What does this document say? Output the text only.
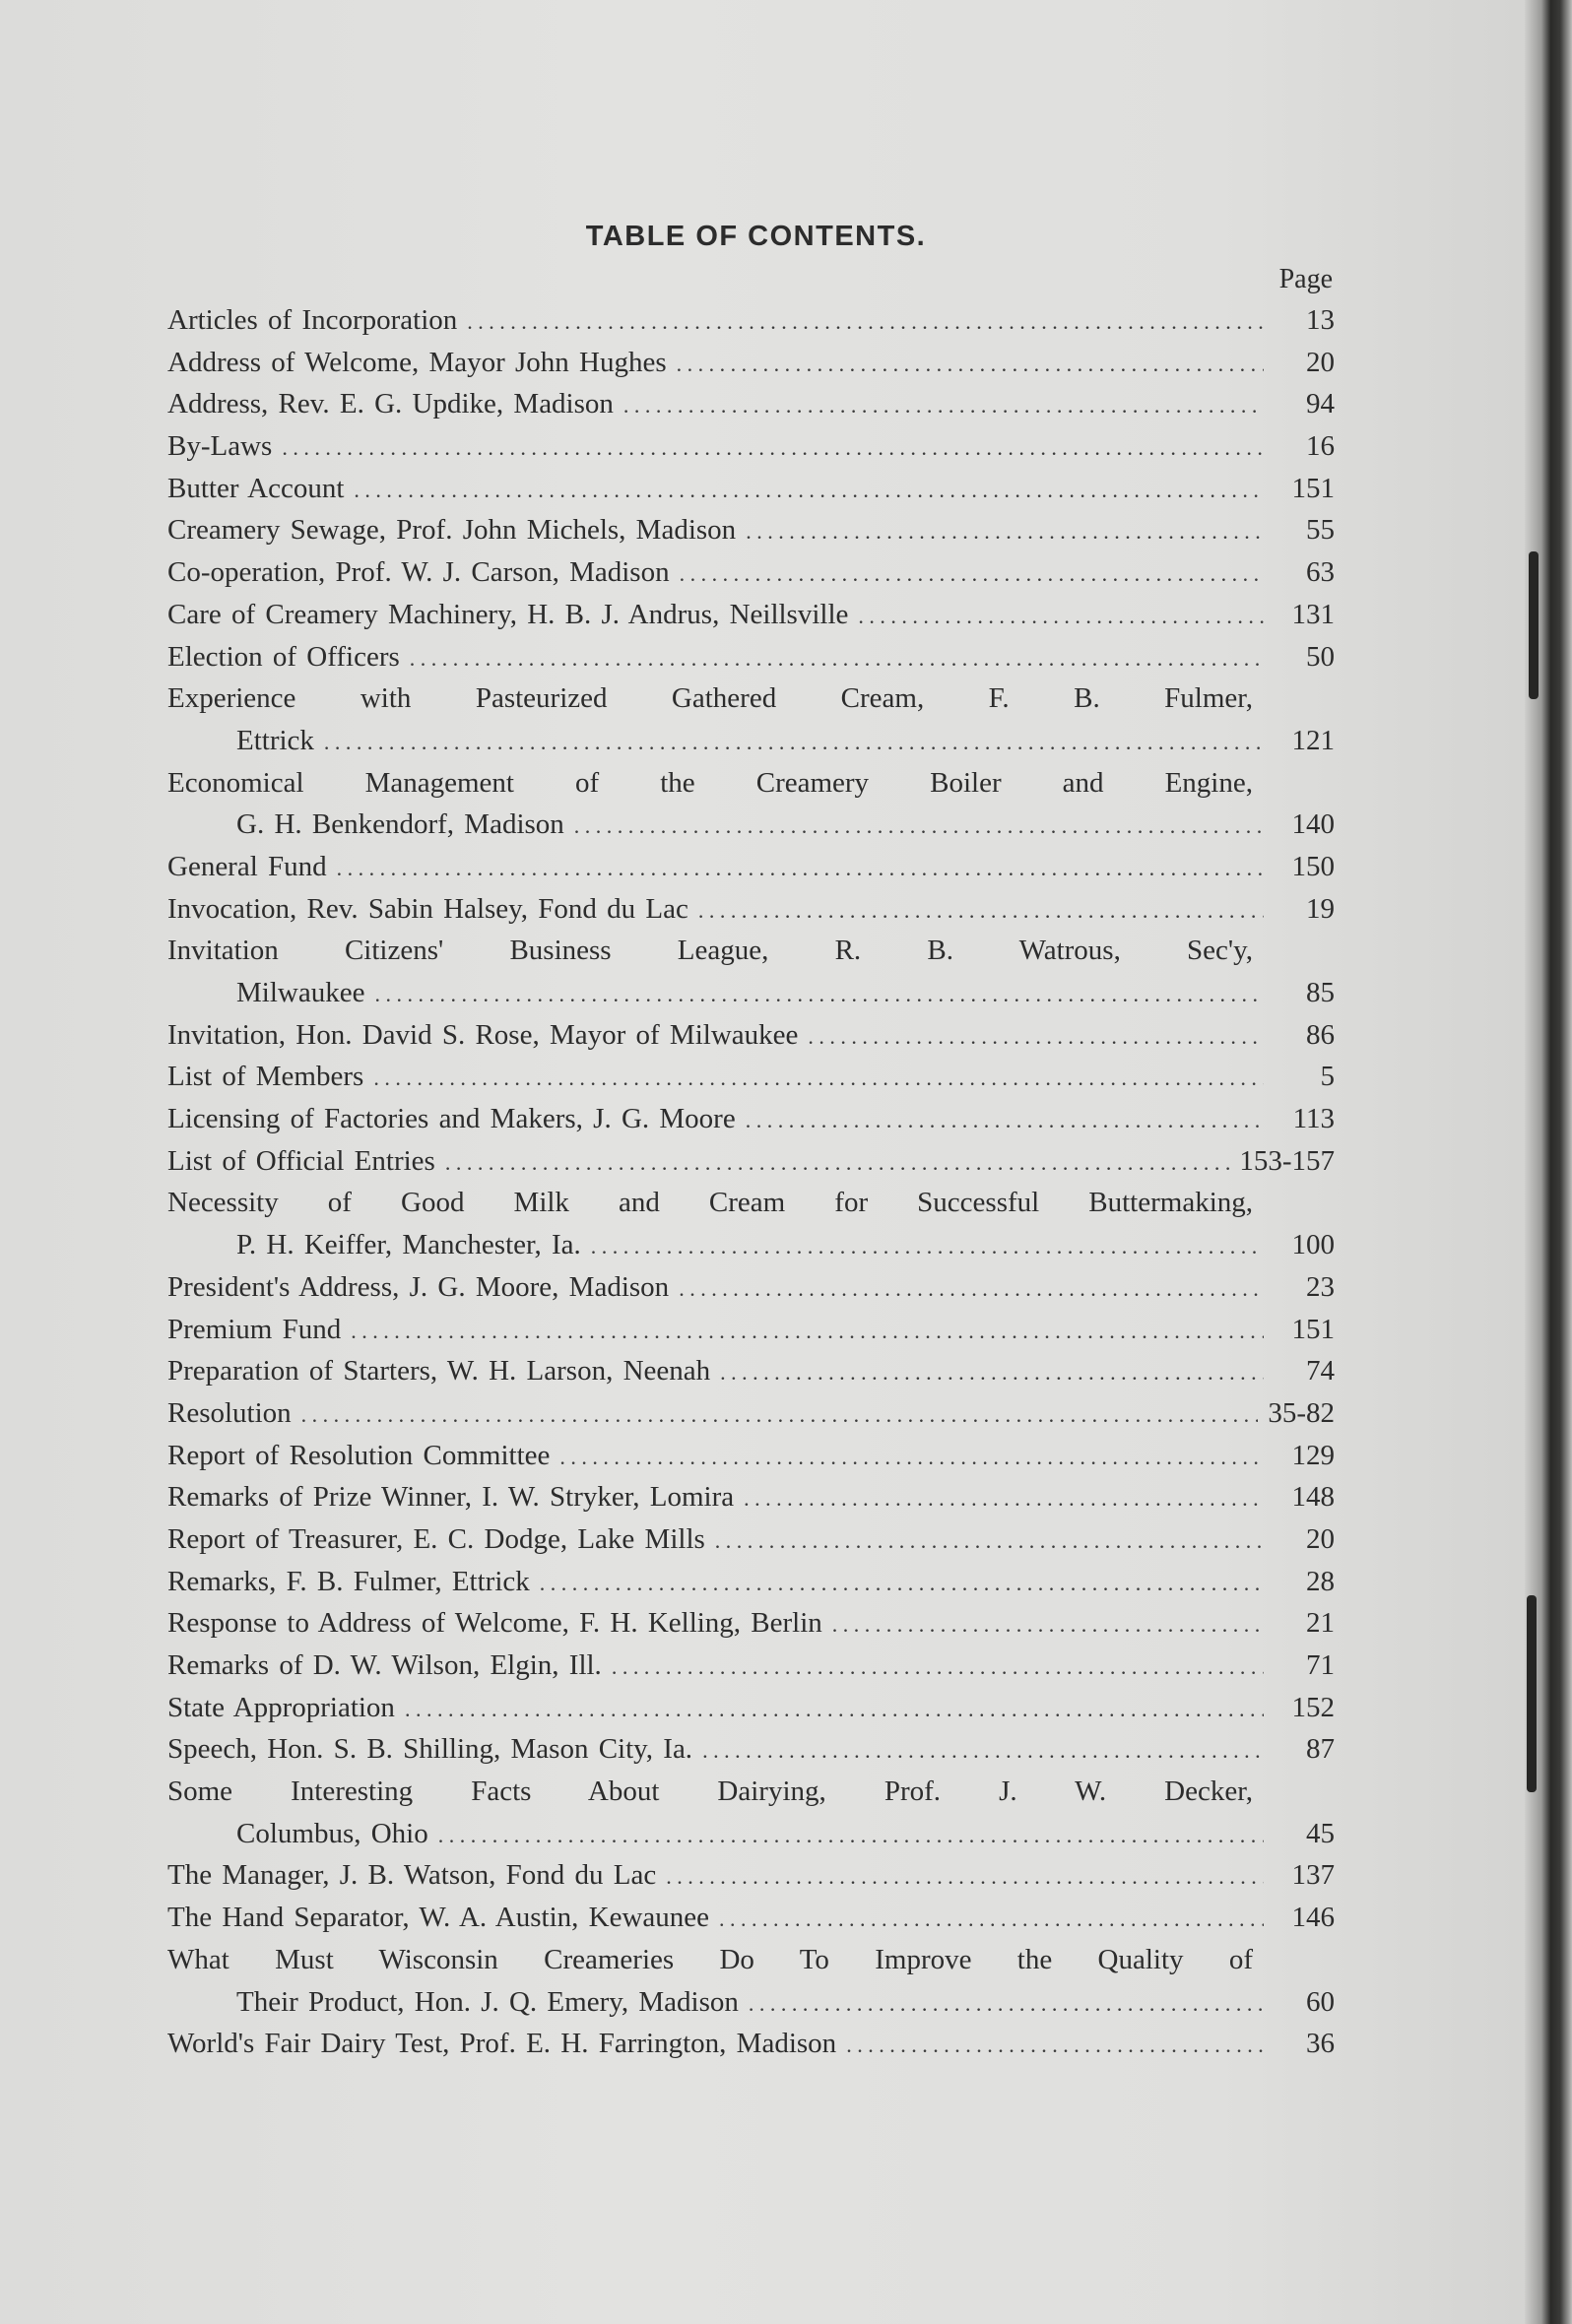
TABLE OF CONTENTS.
Page
Articles of Incorporation . . .	13
Address of Welcome, Mayor John Hughes . . .	20
Address, Rev. E. G. Updike, Madison . . .	94
By-Laws . . .	16
Butter Account . . .	151
Creamery Sewage, Prof. John Michels, Madison . . .	55
Co-operation, Prof. W. J. Carson, Madison . . .	63
Care of Creamery Machinery, H. B. J. Andrus, Neillsville . . .	131
Election of Officers . . .	50
Experience with Pasteurized Gathered Cream, F. B. Fulmer,
Ettrick . . .	121
Economical Management of the Creamery Boiler and Engine,
G. H. Benkendorf, Madison . . .	140
General Fund . . .	150
Invocation, Rev. Sabin Halsey, Fond du Lac . . .	19
Invitation Citizens' Business League, R. B. Watrous, Sec'y,
Milwaukee . . .	85
Invitation, Hon. David S. Rose, Mayor of Milwaukee . . .	86
List of Members . . .	5
Licensing of Factories and Makers, J. G. Moore . . .	113
List of Official Entries . . .	153-157
Necessity of Good Milk and Cream for Successful Buttermaking,
P. H. Keiffer, Manchester, Ia. . . .	100
President's Address, J. G. Moore, Madison . . .	23
Premium Fund . . .	151
Preparation of Starters, W. H. Larson, Neenah . . .	74
Resolution . . .	35-82
Report of Resolution Committee . . .	129
Remarks of Prize Winner, I. W. Stryker, Lomira . . .	148
Report of Treasurer, E. C. Dodge, Lake Mills . . .	20
Remarks, F. B. Fulmer, Ettrick . . .	28
Response to Address of Welcome, F. H. Kelling, Berlin . . .	21
Remarks of D. W. Wilson, Elgin, Ill. . . .	71
State Appropriation . . .	152
Speech, Hon. S. B. Shilling, Mason City, Ia. . . .	87
Some Interesting Facts About Dairying, Prof. J. W. Decker,
Columbus, Ohio . . .	45
The Manager, J. B. Watson, Fond du Lac . . .	137
The Hand Separator, W. A. Austin, Kewaunee . . .	146
What Must Wisconsin Creameries Do To Improve the Quality of
Their Product, Hon. J. Q. Emery, Madison . . .	60
World's Fair Dairy Test, Prof. E. H. Farrington, Madison . . .	36
